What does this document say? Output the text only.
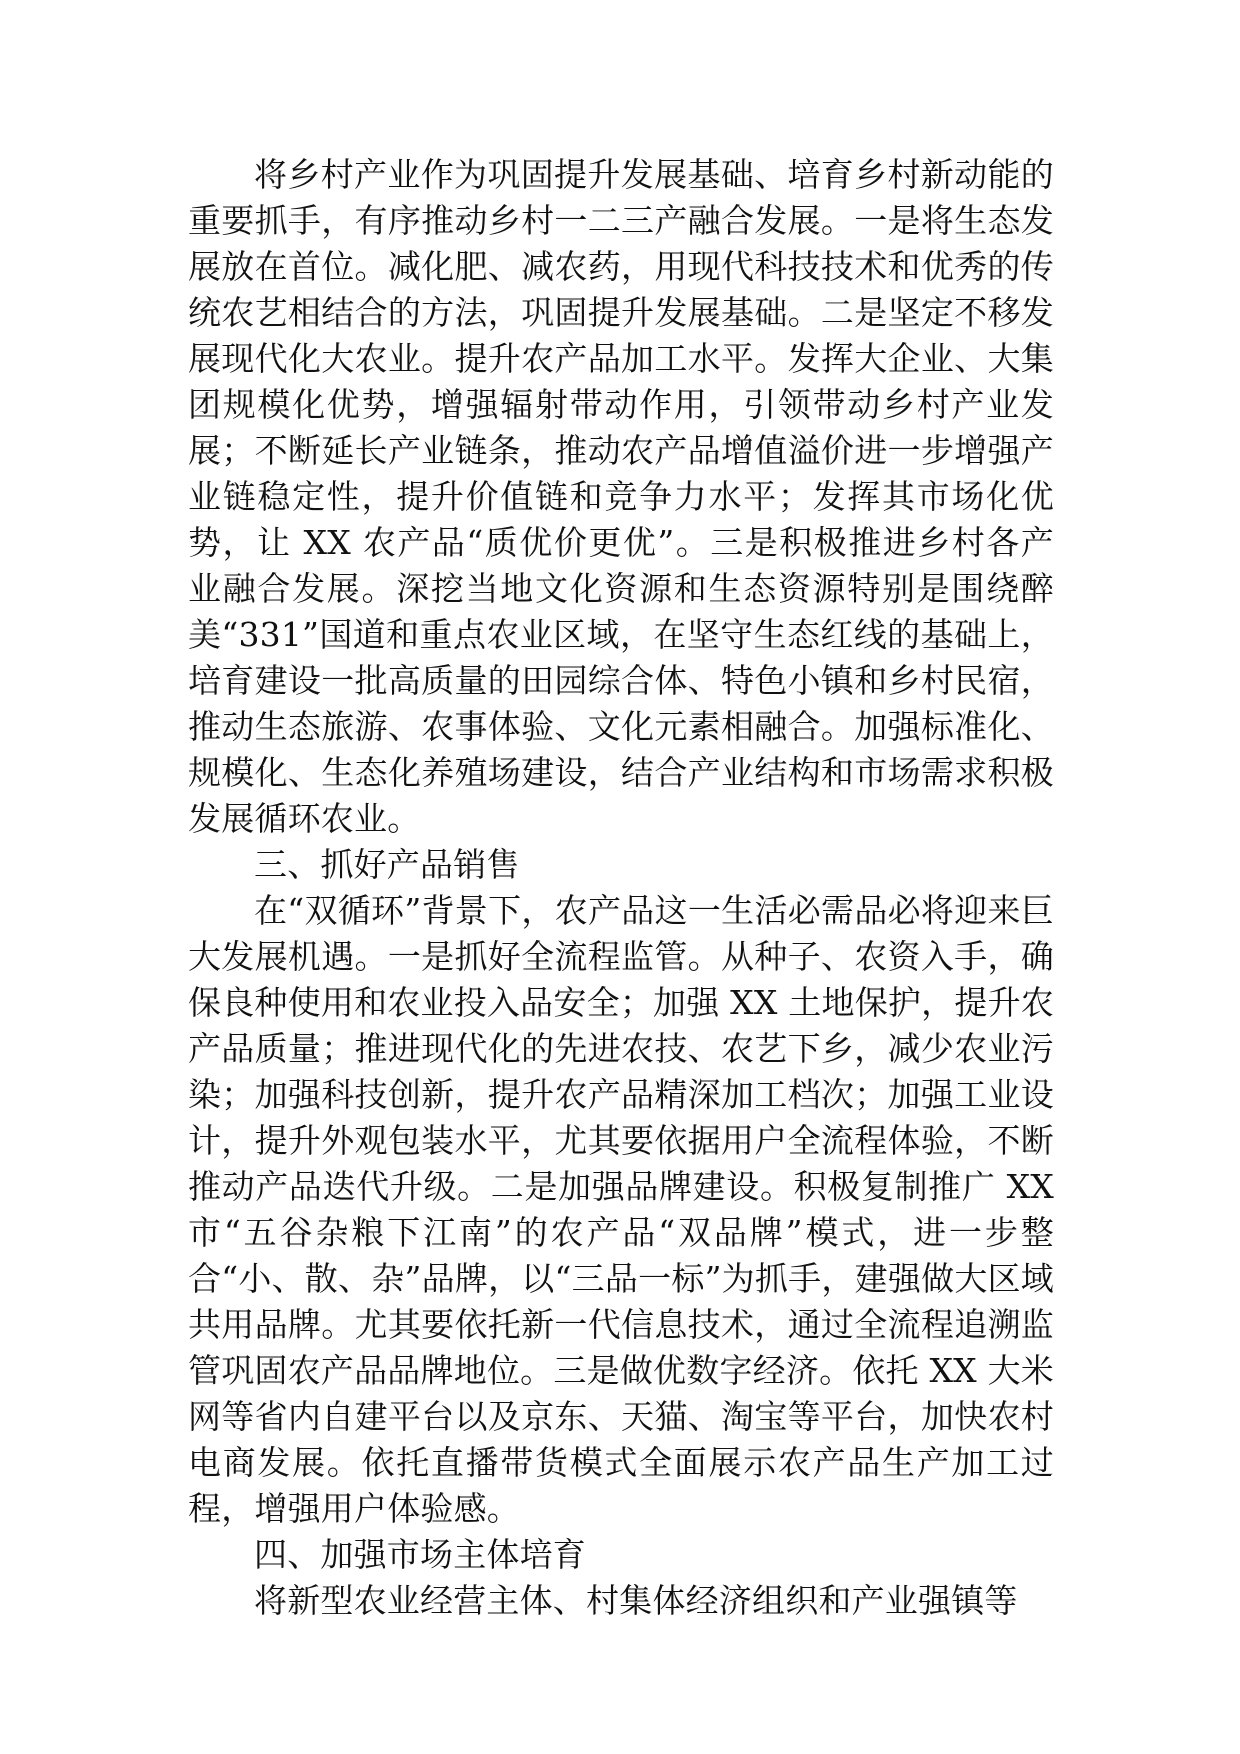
将乡村产业作为巩固提升发展基础、培育乡村新动能的重要抓手，有序推动乡村一二三产融合发展。一是将生态发展放在首位。减化肥、减农药，用现代科技技术和优秀的传统农艺相结合的方法，巩固提升发展基础。二是坚定不移发展现代化大农业。提升农产品加工水平。发挥大企业、大集团规模化优势，增强辐射带动作用，引领带动乡村产业发展；不断延长产业链条，推动农产品增值溢价进一步增强产业链稳定性，提升价值链和竞争力水平；发挥其市场化优势，让 XX 农产品“质优价更优”。三是积极推进乡村各产业融合发展。深挖当地文化资源和生态资源特别是围绕醉美“331”国道和重点农业区域，在坚守生态红线的基础上，培育建设一批高质量的田园综合体、特色小镇和乡村民宿，推动生态旅游、农事体验、文化元素相融合。加强标准化、规模化、生态化养殖场建设，结合产业结构和市场需求积极发展循环农业。

三、抓好产品销售

在“双循环”背景下，农产品这一生活必需品必将迎来巨大发展机遇。一是抓好全流程监管。从种子、农资入手，确保良种使用和农业投入品安全；加强 XX 土地保护，提升农产品质量；推进现代化的先进农技、农艺下乡，减少农业污染；加强科技创新，提升农产品精深加工档次；加强工业设计，提升外观包装水平，尤其要依据用户全流程体验，不断推动产品迭代升级。二是加强品牌建设。积极复制推广 XX 市“五谷杂粮下江南”的农产品“双品牌”模式，进一步整合“小、散、杂”品牌，以“三品一标”为抓手，建强做大区域共用品牌。尤其要依托新一代信息技术，通过全流程追溯监管巩固农产品品牌地位。三是做优数字经济。依托 XX 大米网等省内自建平台以及京东、天猫、淘宝等平台，加快农村电商发展。依托直播带货模式全面展示农产品生产加工过程，增强用户体验感。

四、加强市场主体培育

将新型农业经营主体、村集体经济组织和产业强镇等
